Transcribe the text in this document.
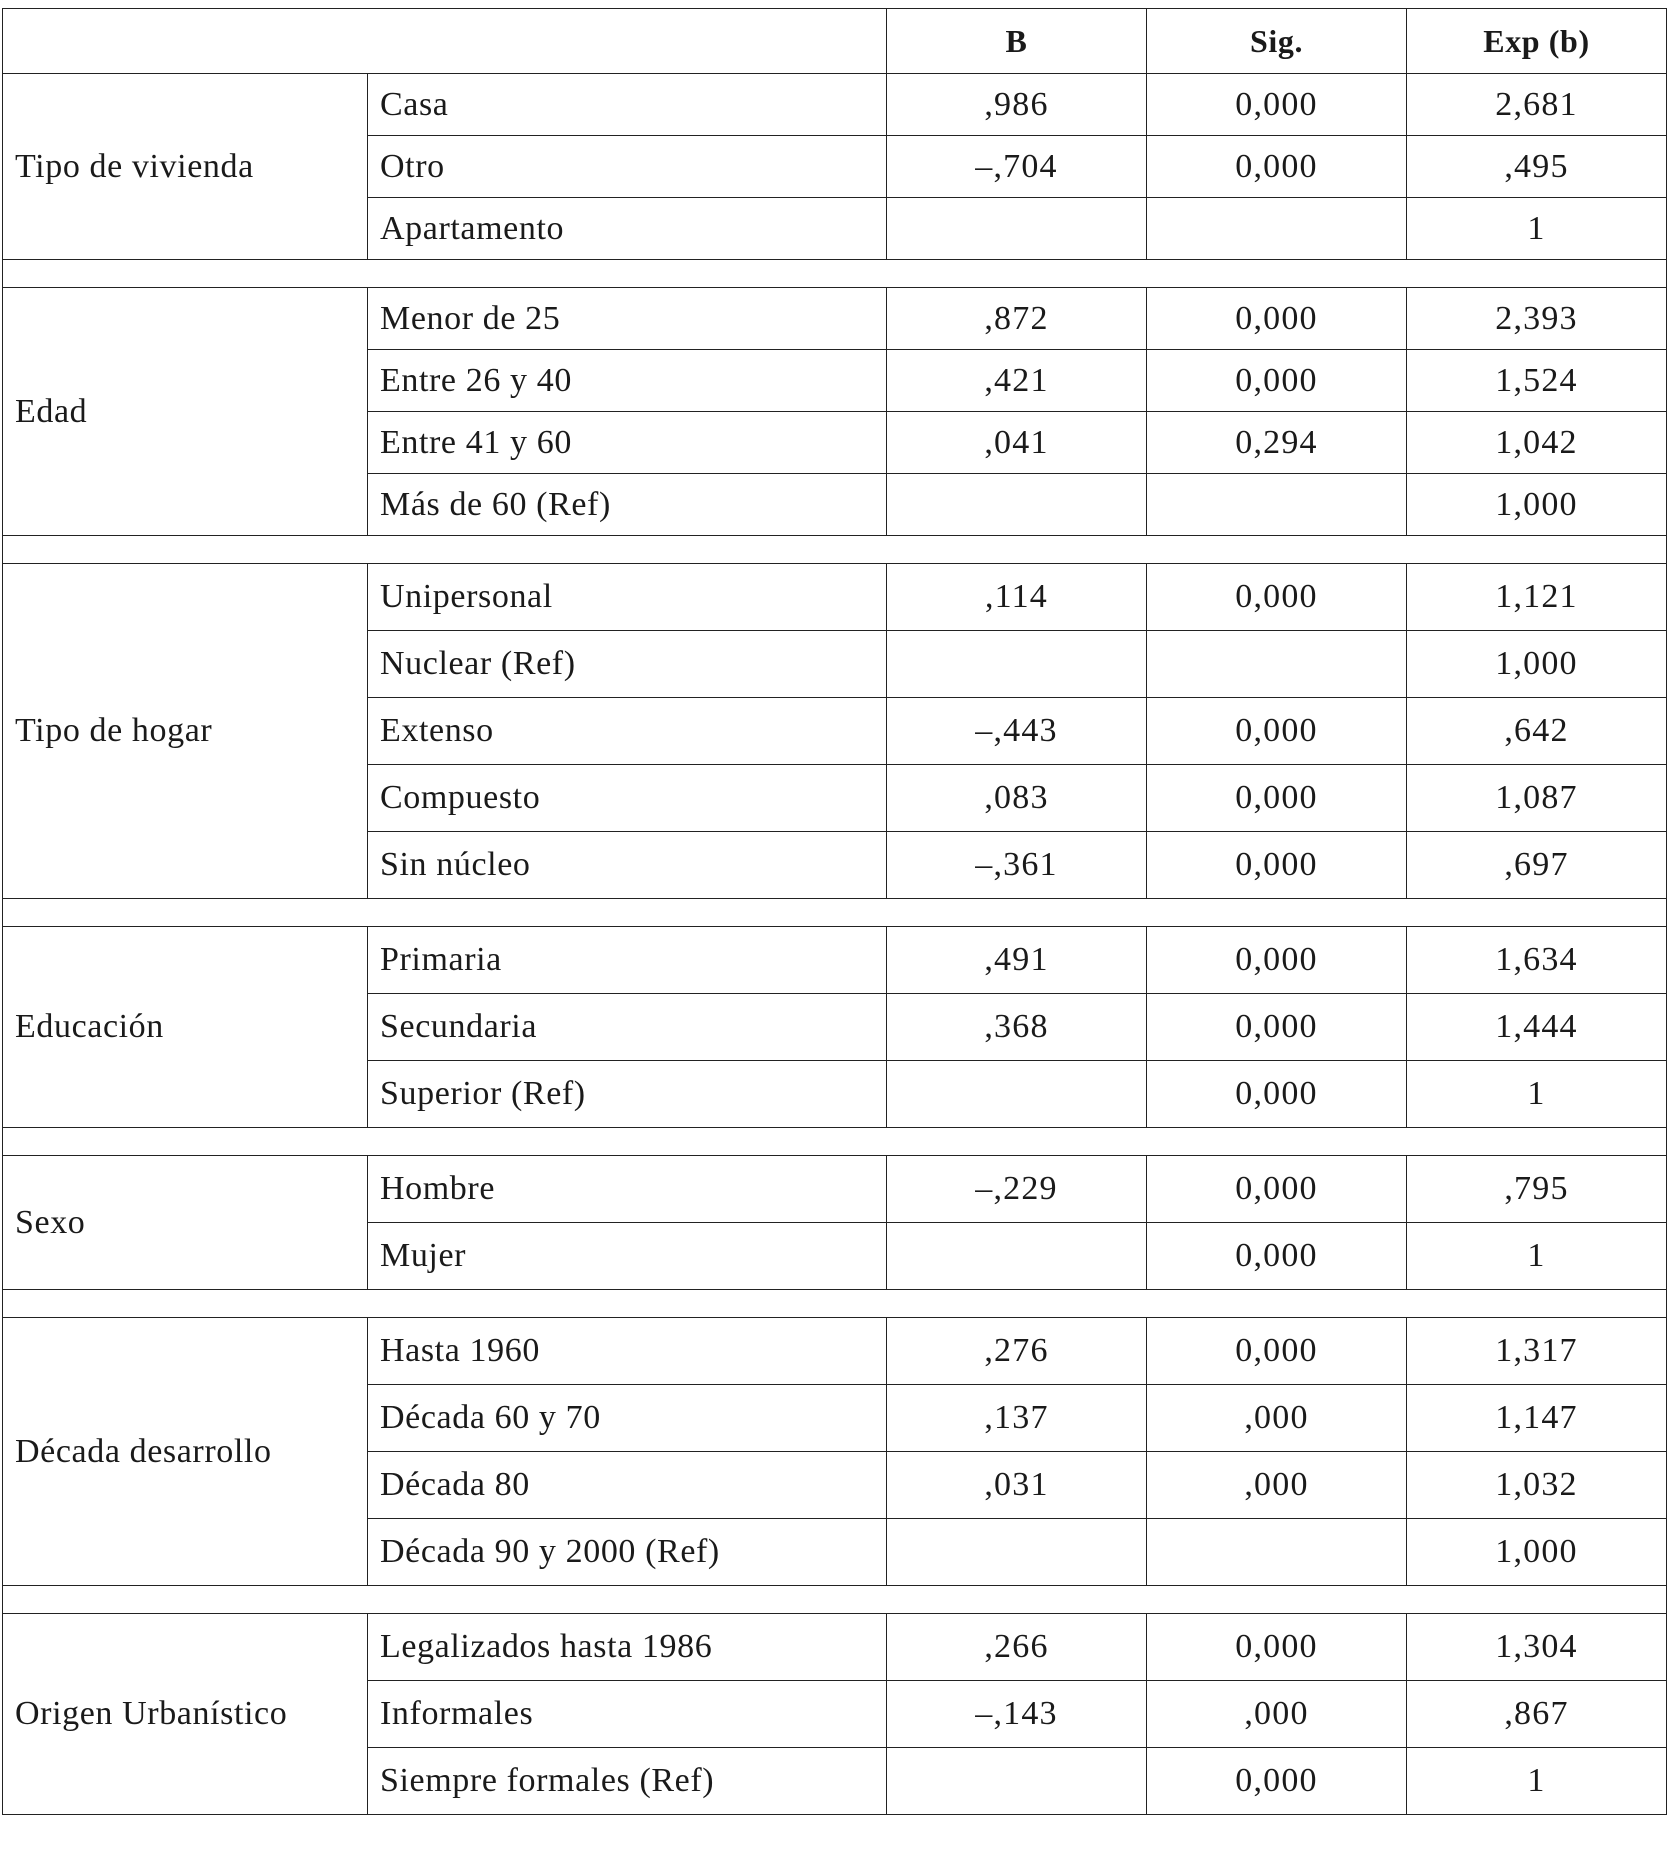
		B	Sig.	Exp (b)
Tipo de vivienda	Casa	,986	0,000	2,681
	Otro	–,704	0,000	,495
	Apartamento			1

Edad	Menor de 25	,872	0,000	2,393
	Entre 26 y 40	,421	0,000	1,524
	Entre 41 y 60	,041	0,294	1,042
	Más de 60 (Ref)			1,000

Tipo de hogar	Unipersonal	,114	0,000	1,121
	Nuclear (Ref)			1,000
	Extenso	–,443	0,000	,642
	Compuesto	,083	0,000	1,087
	Sin núcleo	–,361	0,000	,697

Educación	Primaria	,491	0,000	1,634
	Secundaria	,368	0,000	1,444
	Superior (Ref)		0,000	1

Sexo	Hombre	–,229	0,000	,795
	Mujer		0,000	1

Década desarrollo	Hasta 1960	,276	0,000	1,317
	Década 60 y 70	,137	,000	1,147
	Década 80	,031	,000	1,032
	Década 90 y 2000 (Ref)			1,000

Origen Urbanístico	Legalizados hasta 1986	,266	0,000	1,304
	Informales	–,143	,000	,867
	Siempre formales (Ref)		0,000	1
